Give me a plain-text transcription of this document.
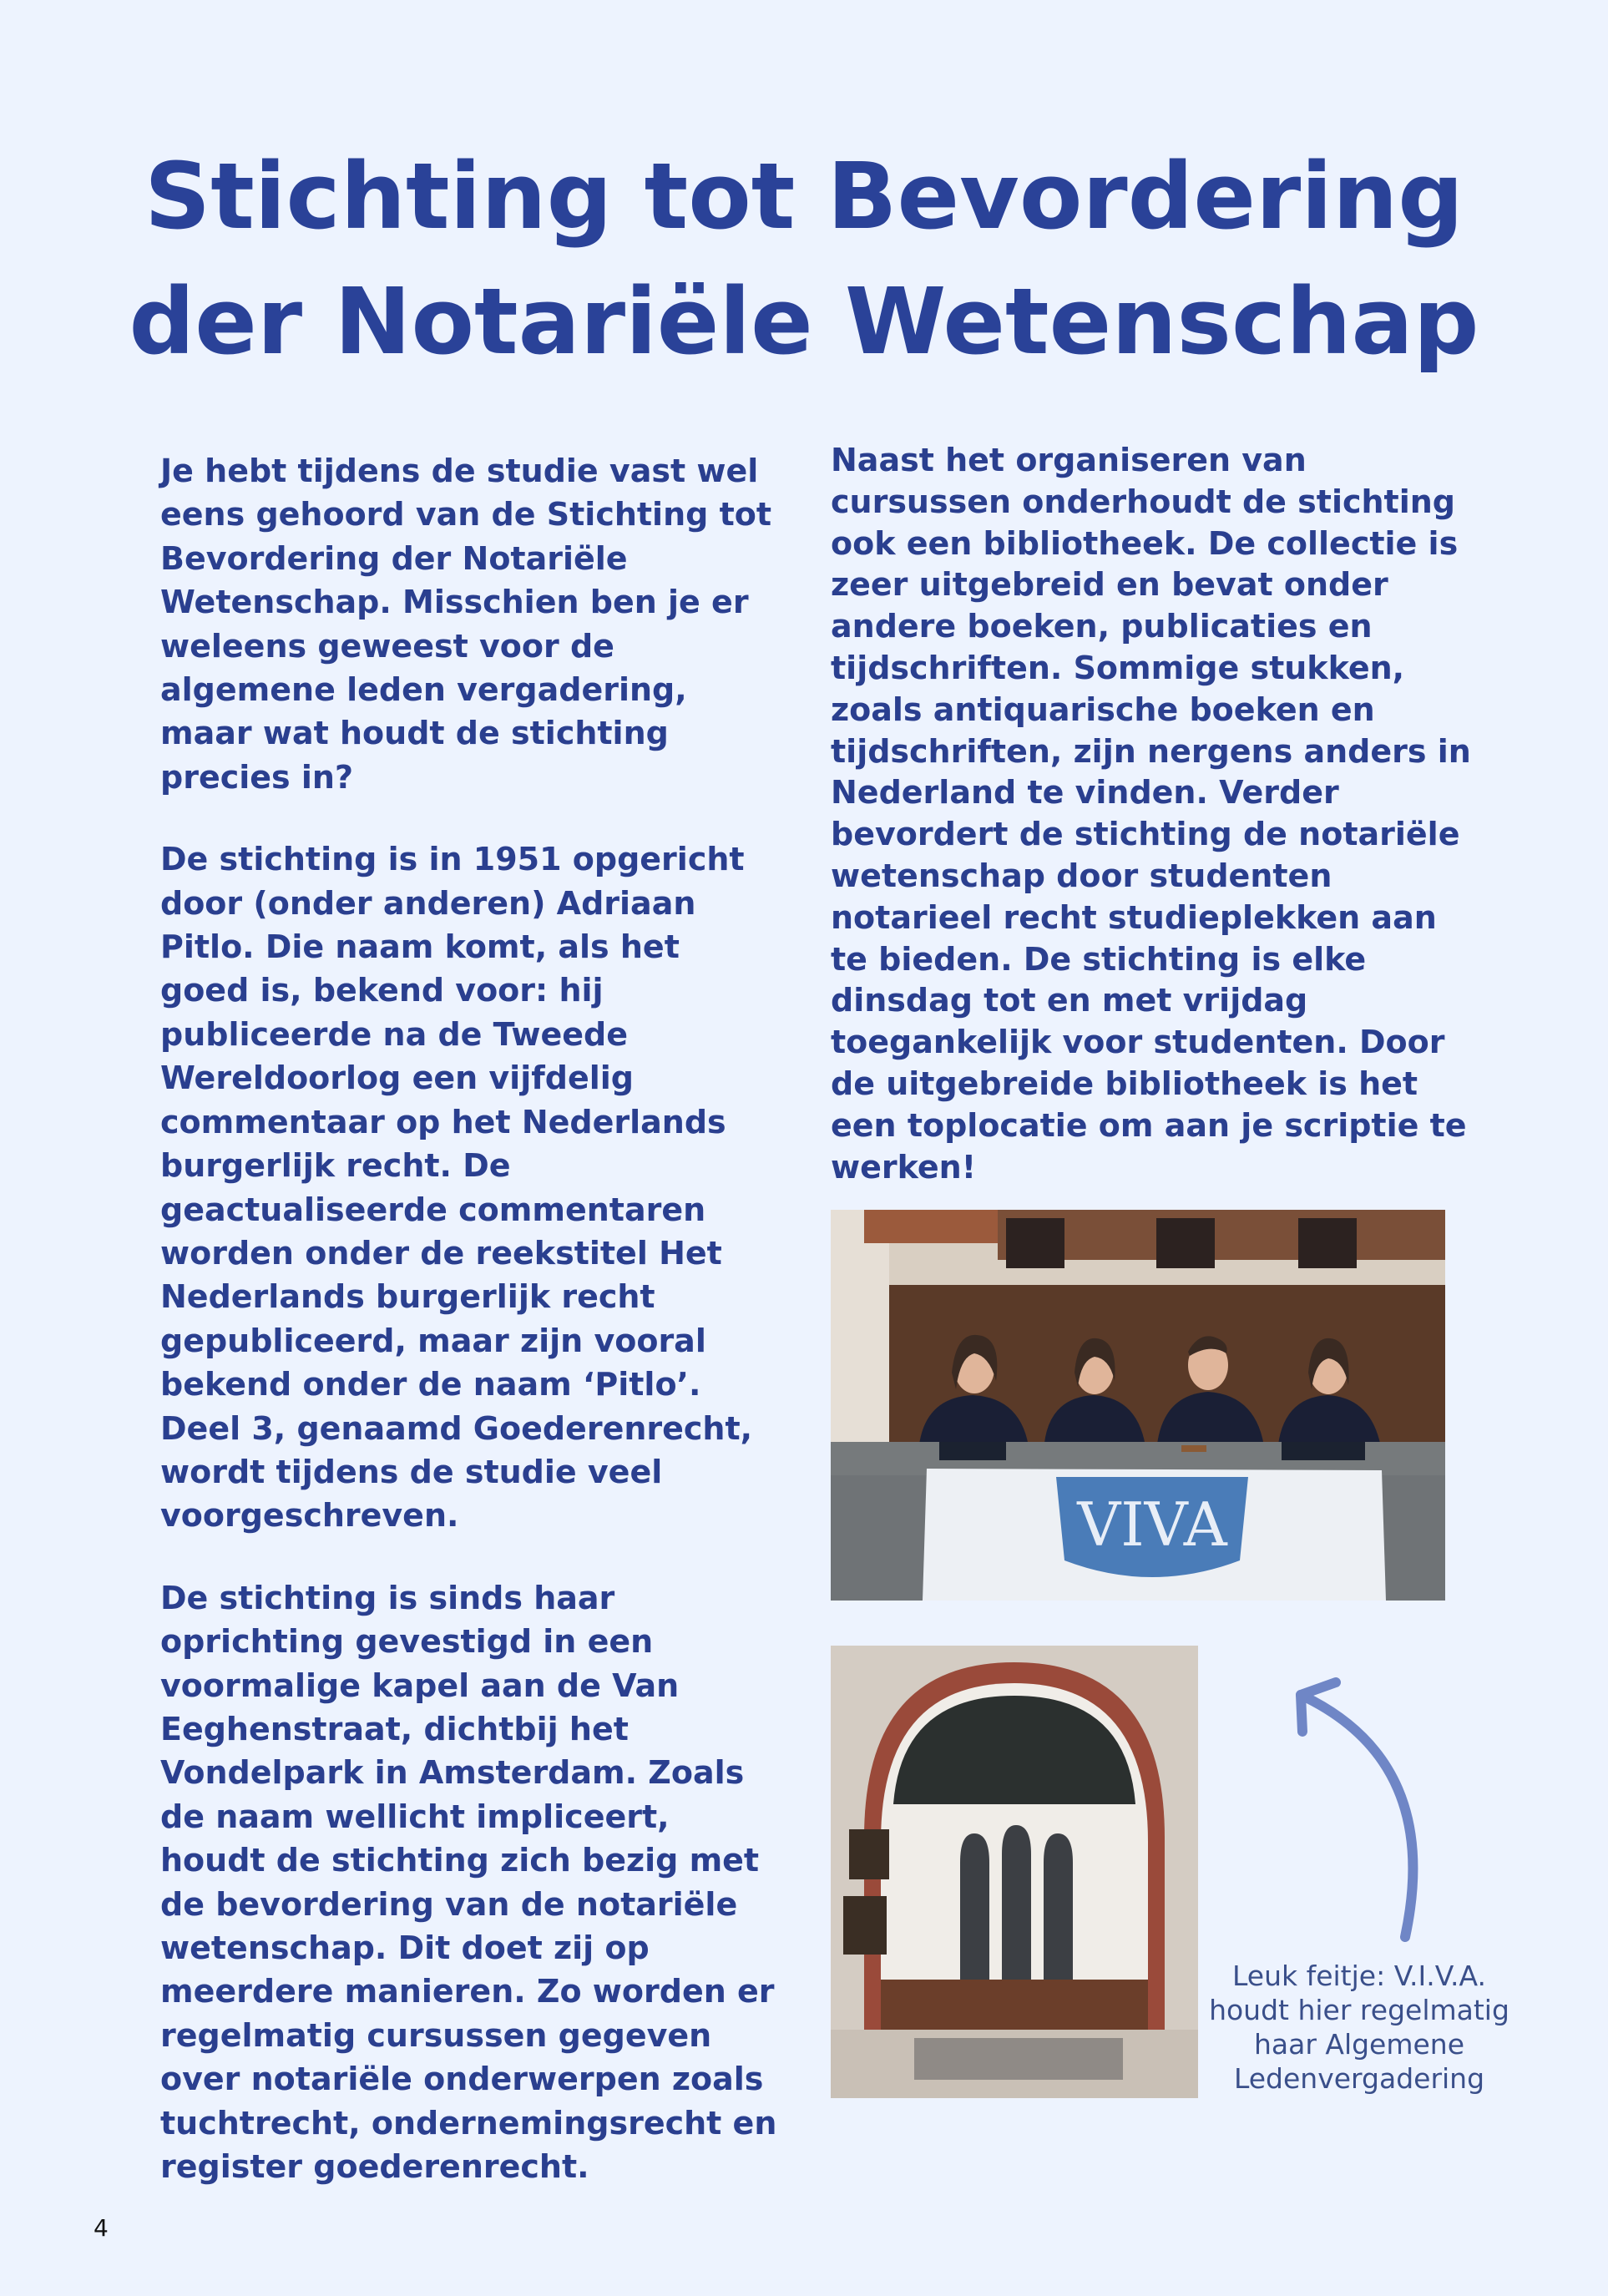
Stichting tot Bevordering
der Notariële Wetenschap

Je hebt tijdens de studie vast wel eens gehoord van de Stichting tot Bevordering der Notariële Wetenschap. Misschien ben je er weleens geweest voor de algemene leden vergadering, maar wat houdt de stichting precies in?

De stichting is in 1951 opgericht door (onder anderen) Adriaan Pitlo. Die naam komt, als het goed is, bekend voor: hij publiceerde na de Tweede Wereldoorlog een vijfdelig commentaar op het Nederlands burgerlijk recht. De geactualiseerde commentaren worden onder de reekstitel Het Nederlands burgerlijk recht gepubliceerd, maar zijn vooral bekend onder de naam ‘Pitlo’. Deel 3, genaamd Goederenrecht, wordt tijdens de studie veel voorgeschreven.

De stichting is sinds haar oprichting gevestigd in een voormalige kapel aan de Van Eeghenstraat, dichtbij het Vondelpark in Amsterdam. Zoals de naam wellicht impliceert, houdt de stichting zich bezig met de bevordering van de notariële wetenschap. Dit doet zij op meerdere manieren. Zo worden er regelmatig cursussen gegeven over notariële onderwerpen zoals tuchtrecht, ondernemingsrecht en register goederenrecht.

Naast het organiseren van cursussen onderhoudt de stichting ook een bibliotheek. De collectie is zeer uitgebreid en bevat onder andere boeken, publicaties en tijdschriften. Sommige stukken, zoals antiquarische boeken en tijdschriften, zijn nergens anders in Nederland te vinden. Verder bevordert de stichting de notariële wetenschap door studenten notarieel recht studieplekken aan te bieden. De stichting is elke dinsdag tot en met vrijdag toegankelijk voor studenten. Door de uitgebreide bibliotheek is het een toplocatie om aan je scriptie te werken!

VIVA
Leuk feitje: V.I.V.A.
houdt hier regelmatig
haar Algemene
Ledenvergadering
4
